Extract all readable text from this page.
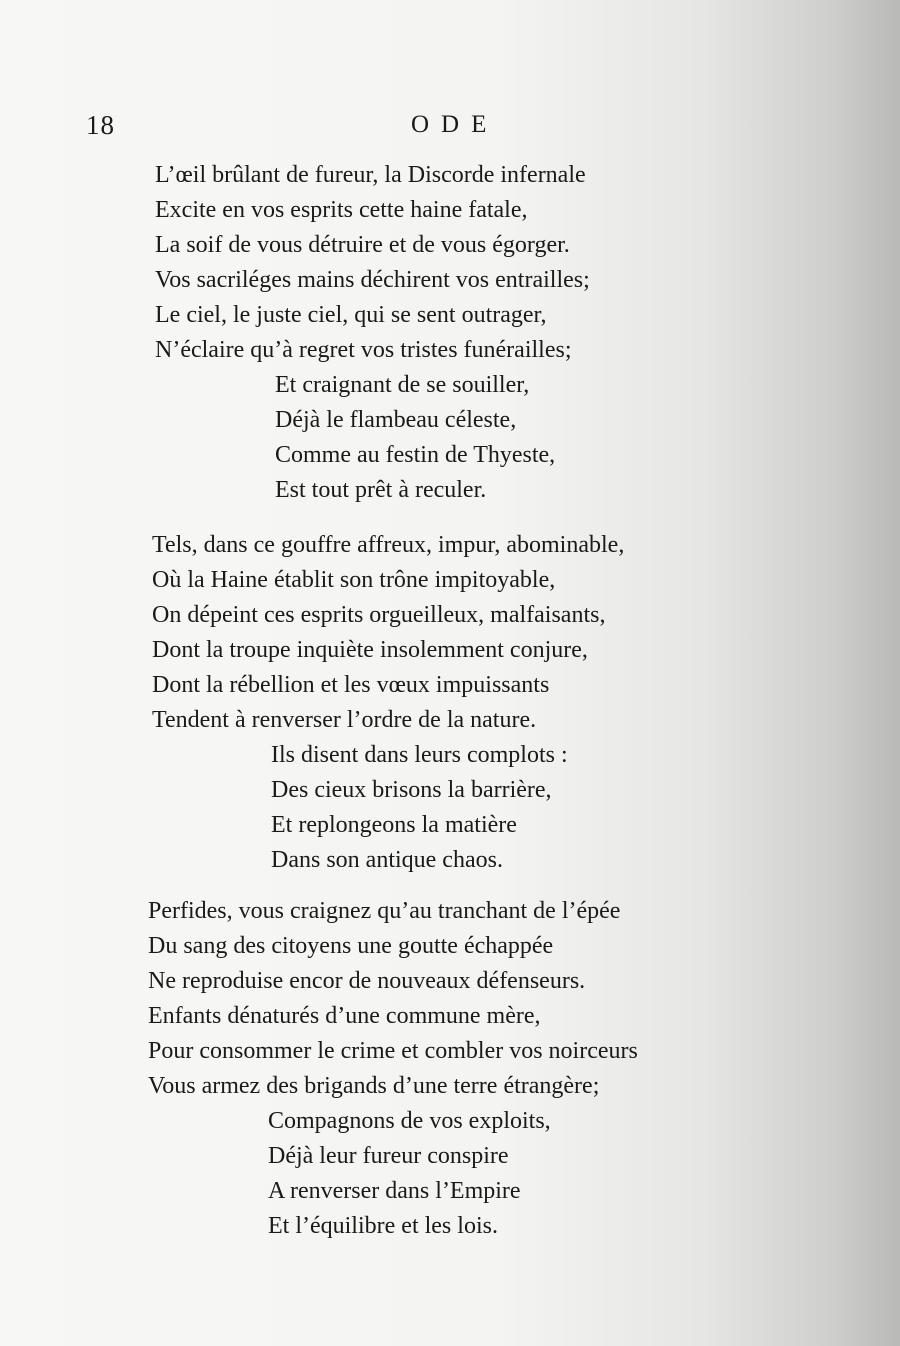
18	ODE
L’œil brûlant de fureur, la Discorde infernale
Excite en vos esprits cette haine fatale,
La soif de vous détruire et de vous égorger.
Vos sacriléges mains déchirent vos entrailles;
Le ciel, le juste ciel, qui se sent outrager,
N’éclaire qu’à regret vos tristes funérailles;
Et craignant de se souiller,
Déjà le flambeau céleste,
Comme au festin de Thyeste,
Est tout prêt à reculer.
Tels, dans ce gouffre affreux, impur, abominable,
Où la Haine établit son trône impitoyable,
On dépeint ces esprits orgueilleux, malfaisants,
Dont la troupe inquiète insolemment conjure,
Dont la rébellion et les vœux impuissants
Tendent à renverser l’ordre de la nature.
Ils disent dans leurs complots :
Des cieux brisons la barrière,
Et replongeons la matière
Dans son antique chaos.
Perfides, vous craignez qu’au tranchant de l’épée
Du sang des citoyens une goutte échappée
Ne reproduise encor de nouveaux défenseurs.
Enfants dénaturés d’une commune mère,
Pour consommer le crime et combler vos noirceurs
Vous armez des brigands d’une terre étrangère;
Compagnons de vos exploits,
Déjà leur fureur conspire
A renverser dans l’Empire
Et l’équilibre et les lois.
